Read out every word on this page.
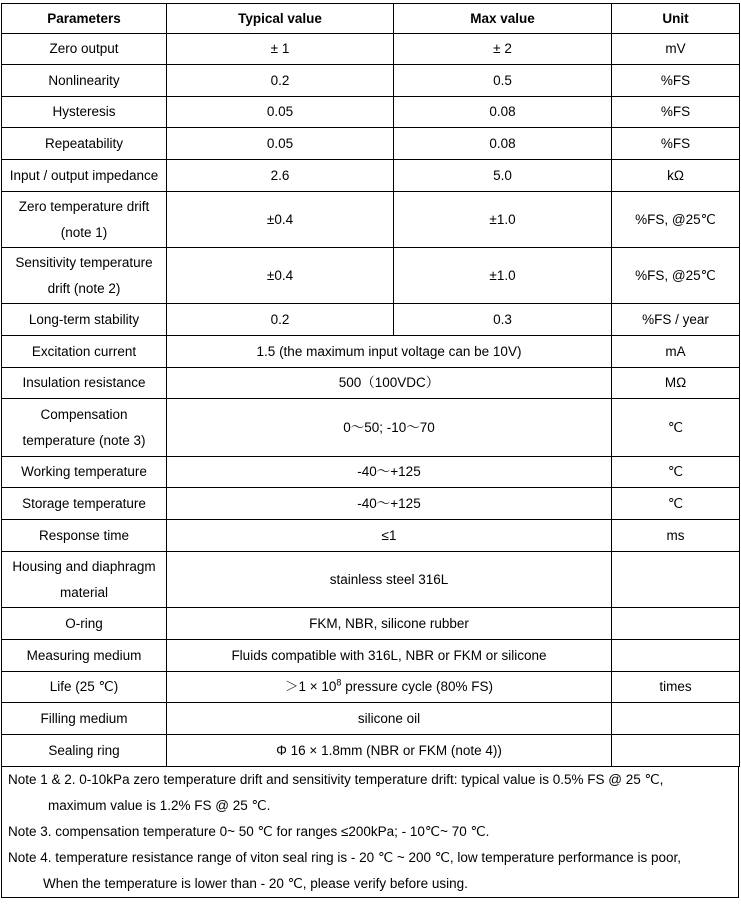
Parameters	Typical value	Max value	Unit
Zero output	± 1	± 2	mV
Nonlinearity	0.2	0.5	%FS
Hysteresis	0.05	0.08	%FS
Repeatability	0.05	0.08	%FS
Input / output impedance	2.6	5.0	kΩ

Zero temperature drift
(note 1)	±0.4	±1.0	%FS, @25℃

Sensitivity temperature
drift (note 2)	±0.4	±1.0	%FS, @25℃
Long-term stability	0.2	0.3	%FS / year
Excitation current	1.5 (the maximum input voltage can be 10V)		mA
Insulation resistance	500（100VDC）		MΩ

Compensation
temperature (note 3)	0～50; -10～70		℃
Working temperature	-40～+125		℃
Storage temperature	-40～+125		℃
Response time	≤1		ms

Housing and diaphragm
material	stainless steel 316L		
O-ring	FKM, NBR, silicone rubber		
Measuring medium	Fluids compatible with 316L, NBR or FKM or silicone		
Life (25 ℃)	$>1 \times 10^8$ pressure cycle (80% FS)		times
Filling medium	silicone oil		
Sealing ring	Φ 16 × 1.8mm (NBR or FKM (note 4))		
Note 1 & 2. 0-10kPa zero temperature drift and sensitivity temperature drift: typical value is 0.5% FS @ 25 ℃,
maximum value is 1.2% FS @ 25 ℃.
Note 3. compensation temperature 0~ 50 ℃ for ranges ≤200kPa; - 10℃~ 70 ℃.
Note 4. temperature resistance range of viton seal ring is - 20 ℃ ~ 200 ℃, low temperature performance is poor,
When the temperature is lower than - 20 ℃, please verify before using.
